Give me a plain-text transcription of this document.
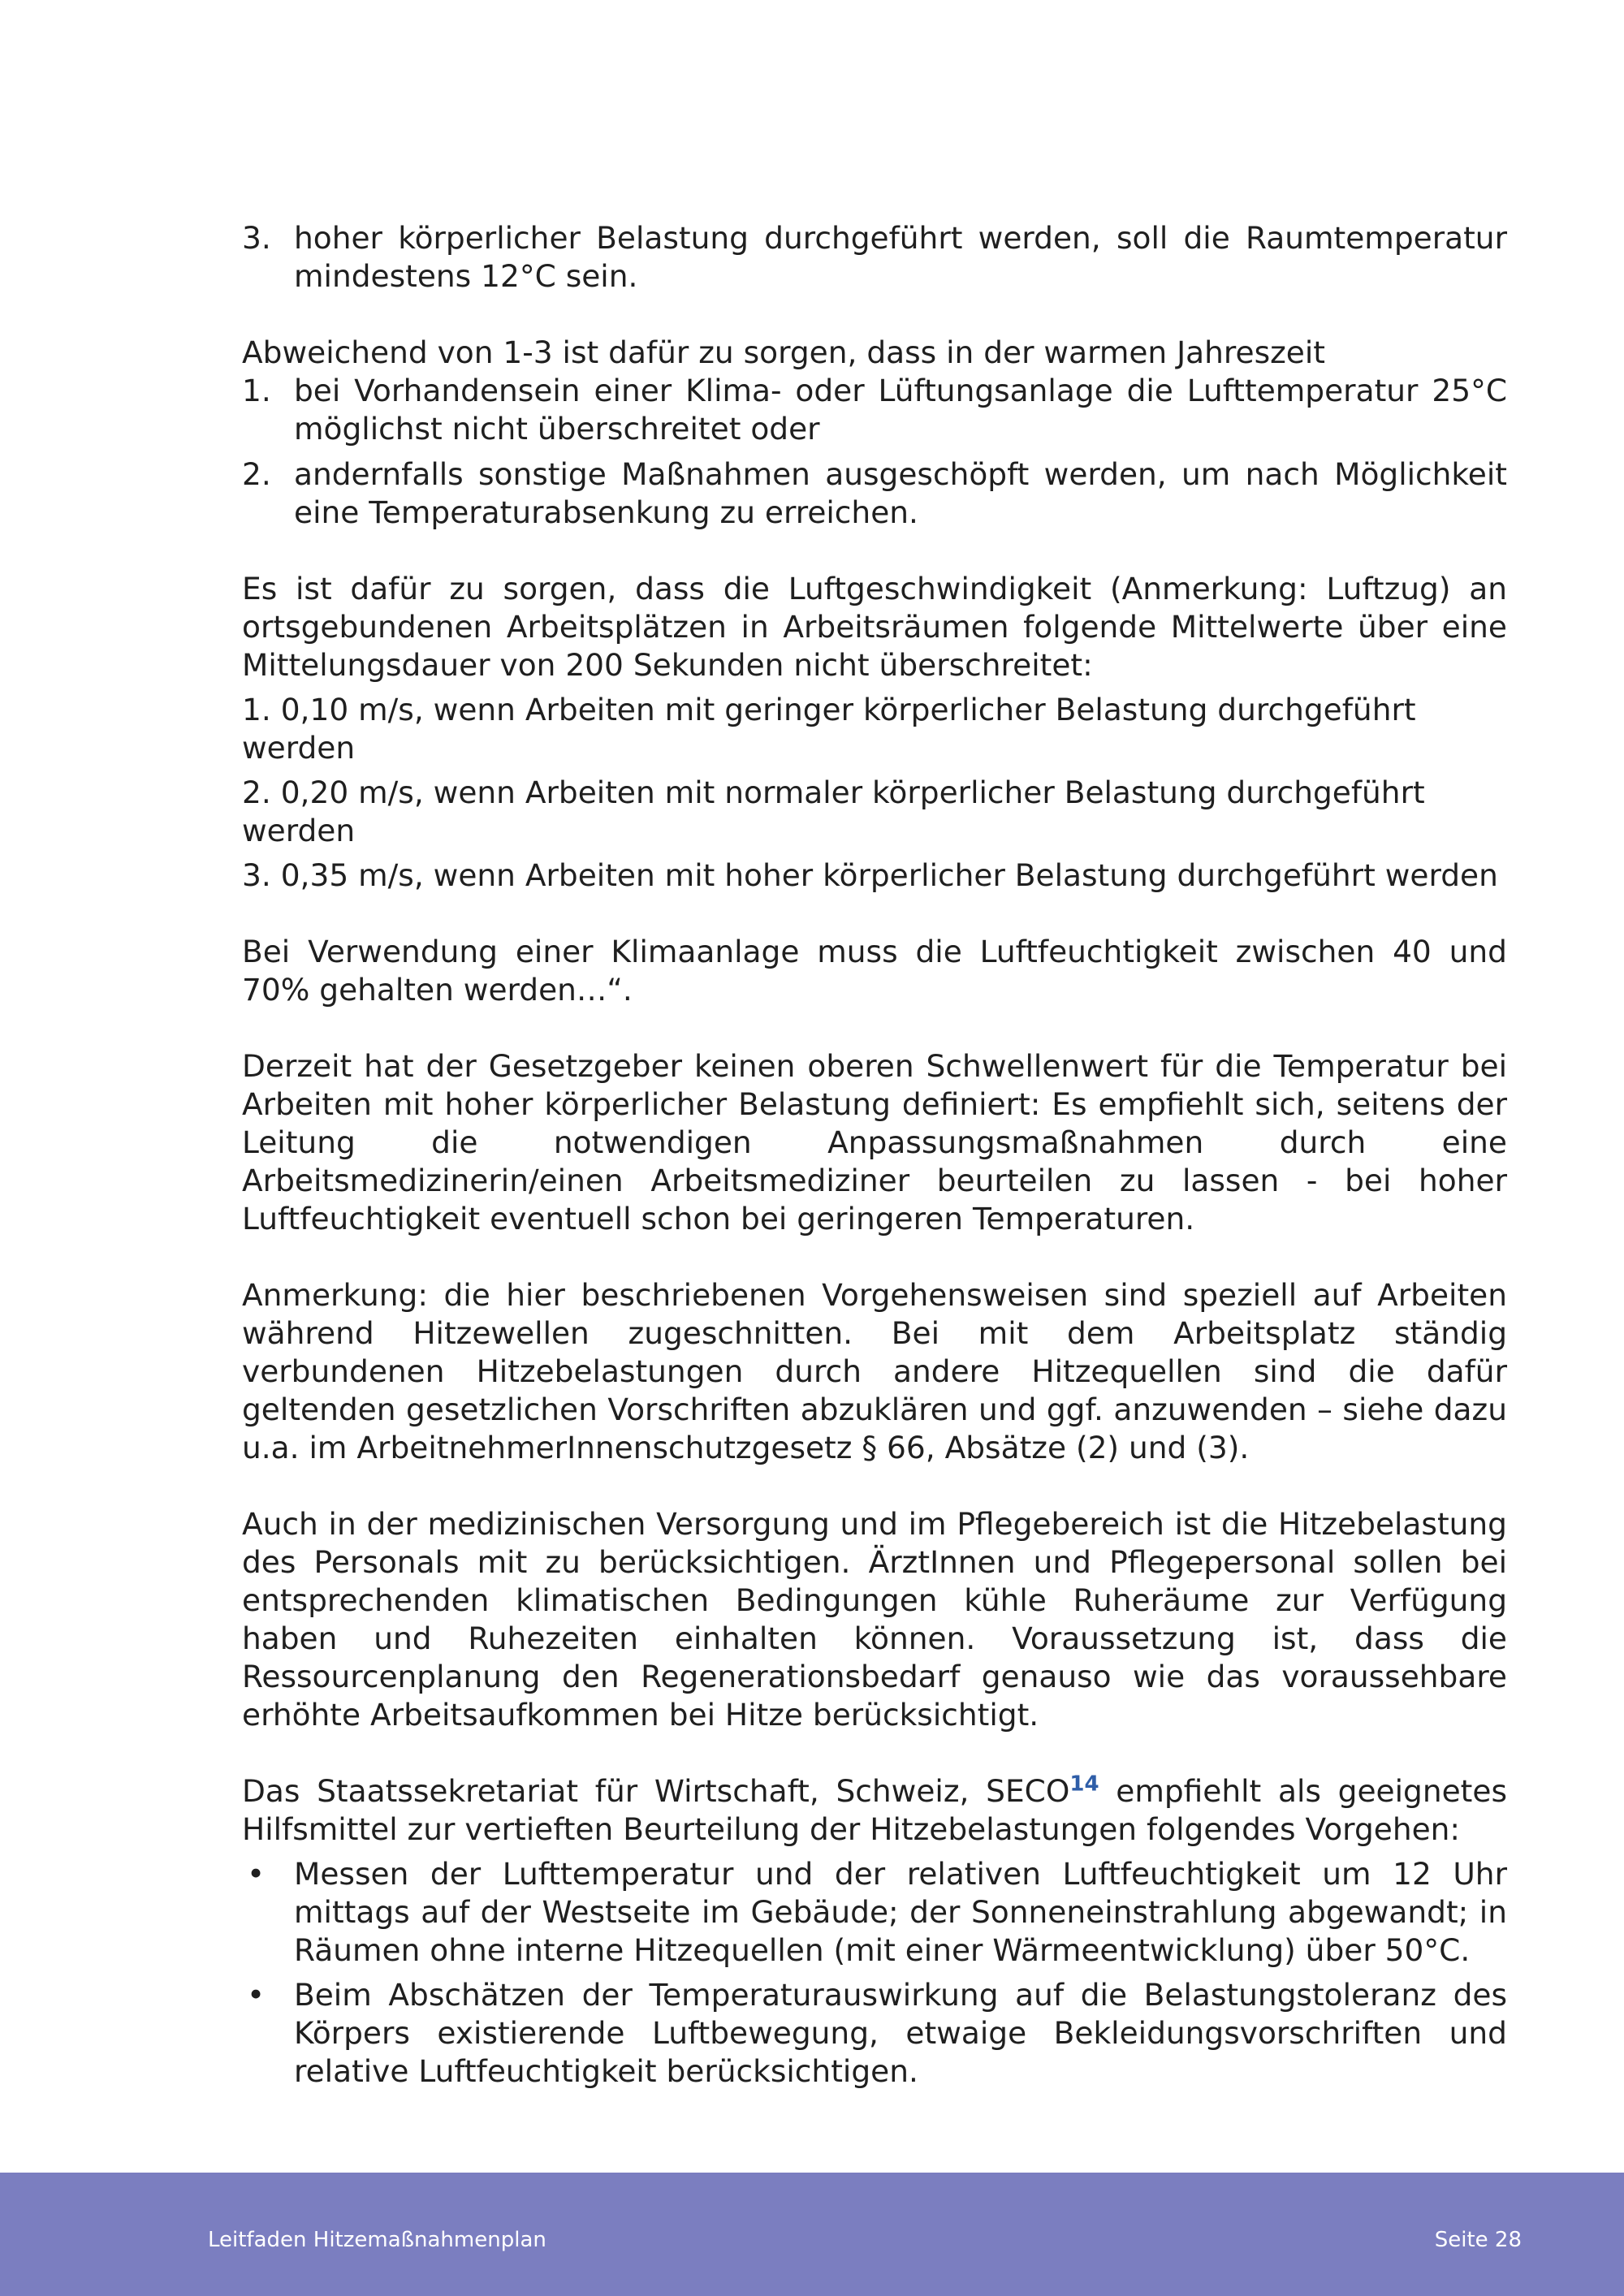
3. hoher körperlicher Belastung durchgeführt werden, soll die Raumtemperatur mindestens 12°C sein.

Abweichend von 1-3 ist dafür zu sorgen, dass in der warmen Jahreszeit

1. bei Vorhandensein einer Klima- oder Lüftungsanlage die Lufttemperatur 25°C möglichst nicht überschreitet oder
2. andernfalls sonstige Maßnahmen ausgeschöpft werden, um nach Möglichkeit eine Temperaturabsenkung zu erreichen.

Es ist dafür zu sorgen, dass die Luftgeschwindigkeit (Anmerkung: Luftzug) an ortsgebundenen Arbeitsplätzen in Arbeitsräumen folgende Mittelwerte über eine Mittelungsdauer von 200 Sekunden nicht überschreitet:

1. 0,10 m/s, wenn Arbeiten mit geringer körperlicher Belastung durchgeführt werden

2. 0,20 m/s, wenn Arbeiten mit normaler körperlicher Belastung durchgeführt werden

3. 0,35 m/s, wenn Arbeiten mit hoher körperlicher Belastung durchgeführt werden

Bei Verwendung einer Klimaanlage muss die Luftfeuchtigkeit zwischen 40 und 70% gehalten werden…“.

Derzeit hat der Gesetzgeber keinen oberen Schwellenwert für die Temperatur bei Arbeiten mit hoher körperlicher Belastung definiert: Es empfiehlt sich, seitens der Leitung die notwendigen Anpassungsmaßnahmen durch eine Arbeitsmedizinerin/einen Arbeitsmediziner beurteilen zu lassen - bei hoher Luftfeuchtigkeit eventuell schon bei geringeren Temperaturen.

Anmerkung: die hier beschriebenen Vorgehensweisen sind speziell auf Arbeiten während Hitzewellen zugeschnitten. Bei mit dem Arbeitsplatz ständig verbundenen Hitzebelastungen durch andere Hitzequellen sind die dafür geltenden gesetzlichen Vorschriften abzuklären und ggf. anzuwenden – siehe dazu u.a. im ArbeitnehmerInnenschutzgesetz § 66, Absätze (2) und (3).

Auch in der medizinischen Versorgung und im Pflegebereich ist die Hitzebelastung des Personals mit zu berücksichtigen. ÄrztInnen und Pflegepersonal sollen bei entsprechenden klimatischen Bedingungen kühle Ruheräume zur Verfügung haben und Ruhezeiten einhalten können. Voraussetzung ist, dass die Ressourcenplanung den Regenerationsbedarf genauso wie das voraussehbare erhöhte Arbeitsaufkommen bei Hitze berücksichtigt.

Das Staatssekretariat für Wirtschaft, Schweiz, SECO$^{14}$ empfiehlt als geeignetes Hilfsmittel zur vertieften Beurteilung der Hitzebelastungen folgendes Vorgehen:

• Messen der Lufttemperatur und der relativen Luftfeuchtigkeit um 12 Uhr mittags auf der Westseite im Gebäude; der Sonneneinstrahlung abgewandt; in Räumen ohne interne Hitzequellen (mit einer Wärmeentwicklung) über 50°C.
• Beim Abschätzen der Temperaturauswirkung auf die Belastungstoleranz des Körpers existierende Luftbewegung, etwaige Bekleidungsvorschriften und relative Luftfeuchtigkeit berücksichtigen.
Leitfaden Hitzemaßnahmenplan	Seite 28
